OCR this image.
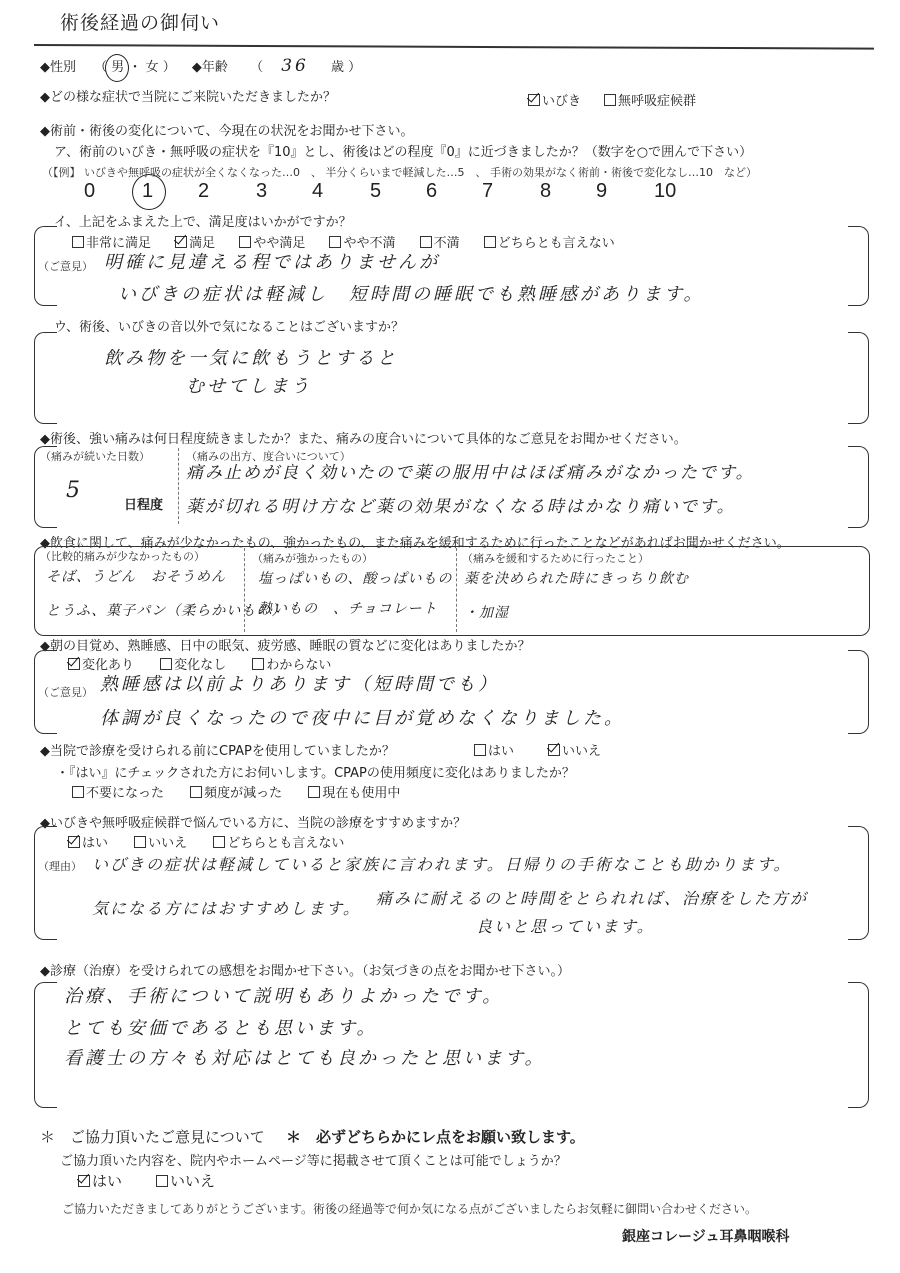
術後経過の御伺い
◆性別 （ 男 ・ 女 ） ◆年齢 （ 36 歳 ）
◆どの様な症状で当院にご来院いただきましたか？	いびき	無呼吸症候群
◆術前・術後の変化について、今現在の状況をお聞かせ下さい。
ア、術前のいびき・無呼吸の症状を『10』とし、術後はどの程度『0』に近づきましたか？（数字を○で囲んで下さい）
（【例】 いびきや無呼吸の症状が全くなくなった…0　、 半分くらいまで軽減した…5　、 手術の効果がなく術前・術後で変化なし…10　など）
0 1 2 3 4 5 6 7 8 9 10
イ、上記をふまえた上で、満足度はいかがですか？
非常に満足	満足	やや満足	やや不満	不満	どちらとも言えない
（ご意見） 明確に見違える程ではありませんが
いびきの症状は軽減し　短時間の睡眠でも熟睡感があります。
ウ、術後、いびきの音以外で気になることはございますか？
飲み物を一気に飲もうとすると
むせてしまう
◆術後、強い痛みは何日程度続きましたか？また、痛みの度合いについて具体的なご意見をお聞かせください。
（痛みが続いた日数）
5
日程度
（痛みの出方、度合いについて）
痛み止めが良く効いたので薬の服用中はほぼ痛みがなかったです。
薬が切れる明け方など薬の効果がなくなる時はかなり痛いです。
◆飲食に関して、痛みが少なかったもの、強かったもの、また痛みを緩和するために行ったことなどがあればお聞かせください。
（比較的痛みが少なかったもの）
そば、うどん　おそうめん
とうふ、菓子パン（柔らかいもの）
（痛みが強かったもの）
塩っぱいもの、酸っぱいもの
熱いもの　、チョコレート
（痛みを緩和するために行ったこと）
薬を決められた時にきっちり飲む
・加湿
◆朝の目覚め、熟睡感、日中の眠気、疲労感、睡眠の質などに変化はありましたか？
変化あり	変化なし	わからない
（ご意見） 熟睡感は以前よりあります（短時間でも）
体調が良くなったので夜中に目が覚めなくなりました。
◆当院で診療を受けられる前にCPAPを使用していましたか？	はい	いいえ
・『はい』にチェックされた方にお伺いします。CPAPの使用頻度に変化はありましたか？
不要になった	頻度が減った	現在も使用中
◆いびきや無呼吸症候群で悩んでいる方に、当院の診療をすすめますか？
はい	いいえ	どちらとも言えない
（理由） いびきの症状は軽減していると家族に言われます。日帰りの手術なことも助かります。
気になる方にはおすすめします。
痛みに耐えるのと時間をとられれば、治療をした方が
良いと思っています。
◆診療（治療）を受けられての感想をお聞かせ下さい。（お気づきの点をお聞かせ下さい。）
治療、手術について説明もありよかったです。
とても安価であるとも思います。
看護士の方々も対応はとても良かったと思います。
＊　ご協力頂いたご意見について ＊　必ずどちらかにレ点をお願い致します。
ご協力頂いた内容を、院内やホームページ等に掲載させて頂くことは可能でしょうか？
はい	いいえ
ご協力いただきましてありがとうございます。術後の経過等で何か気になる点がございましたらお気軽に御問い合わせください。
銀座コレージュ耳鼻咽喉科
